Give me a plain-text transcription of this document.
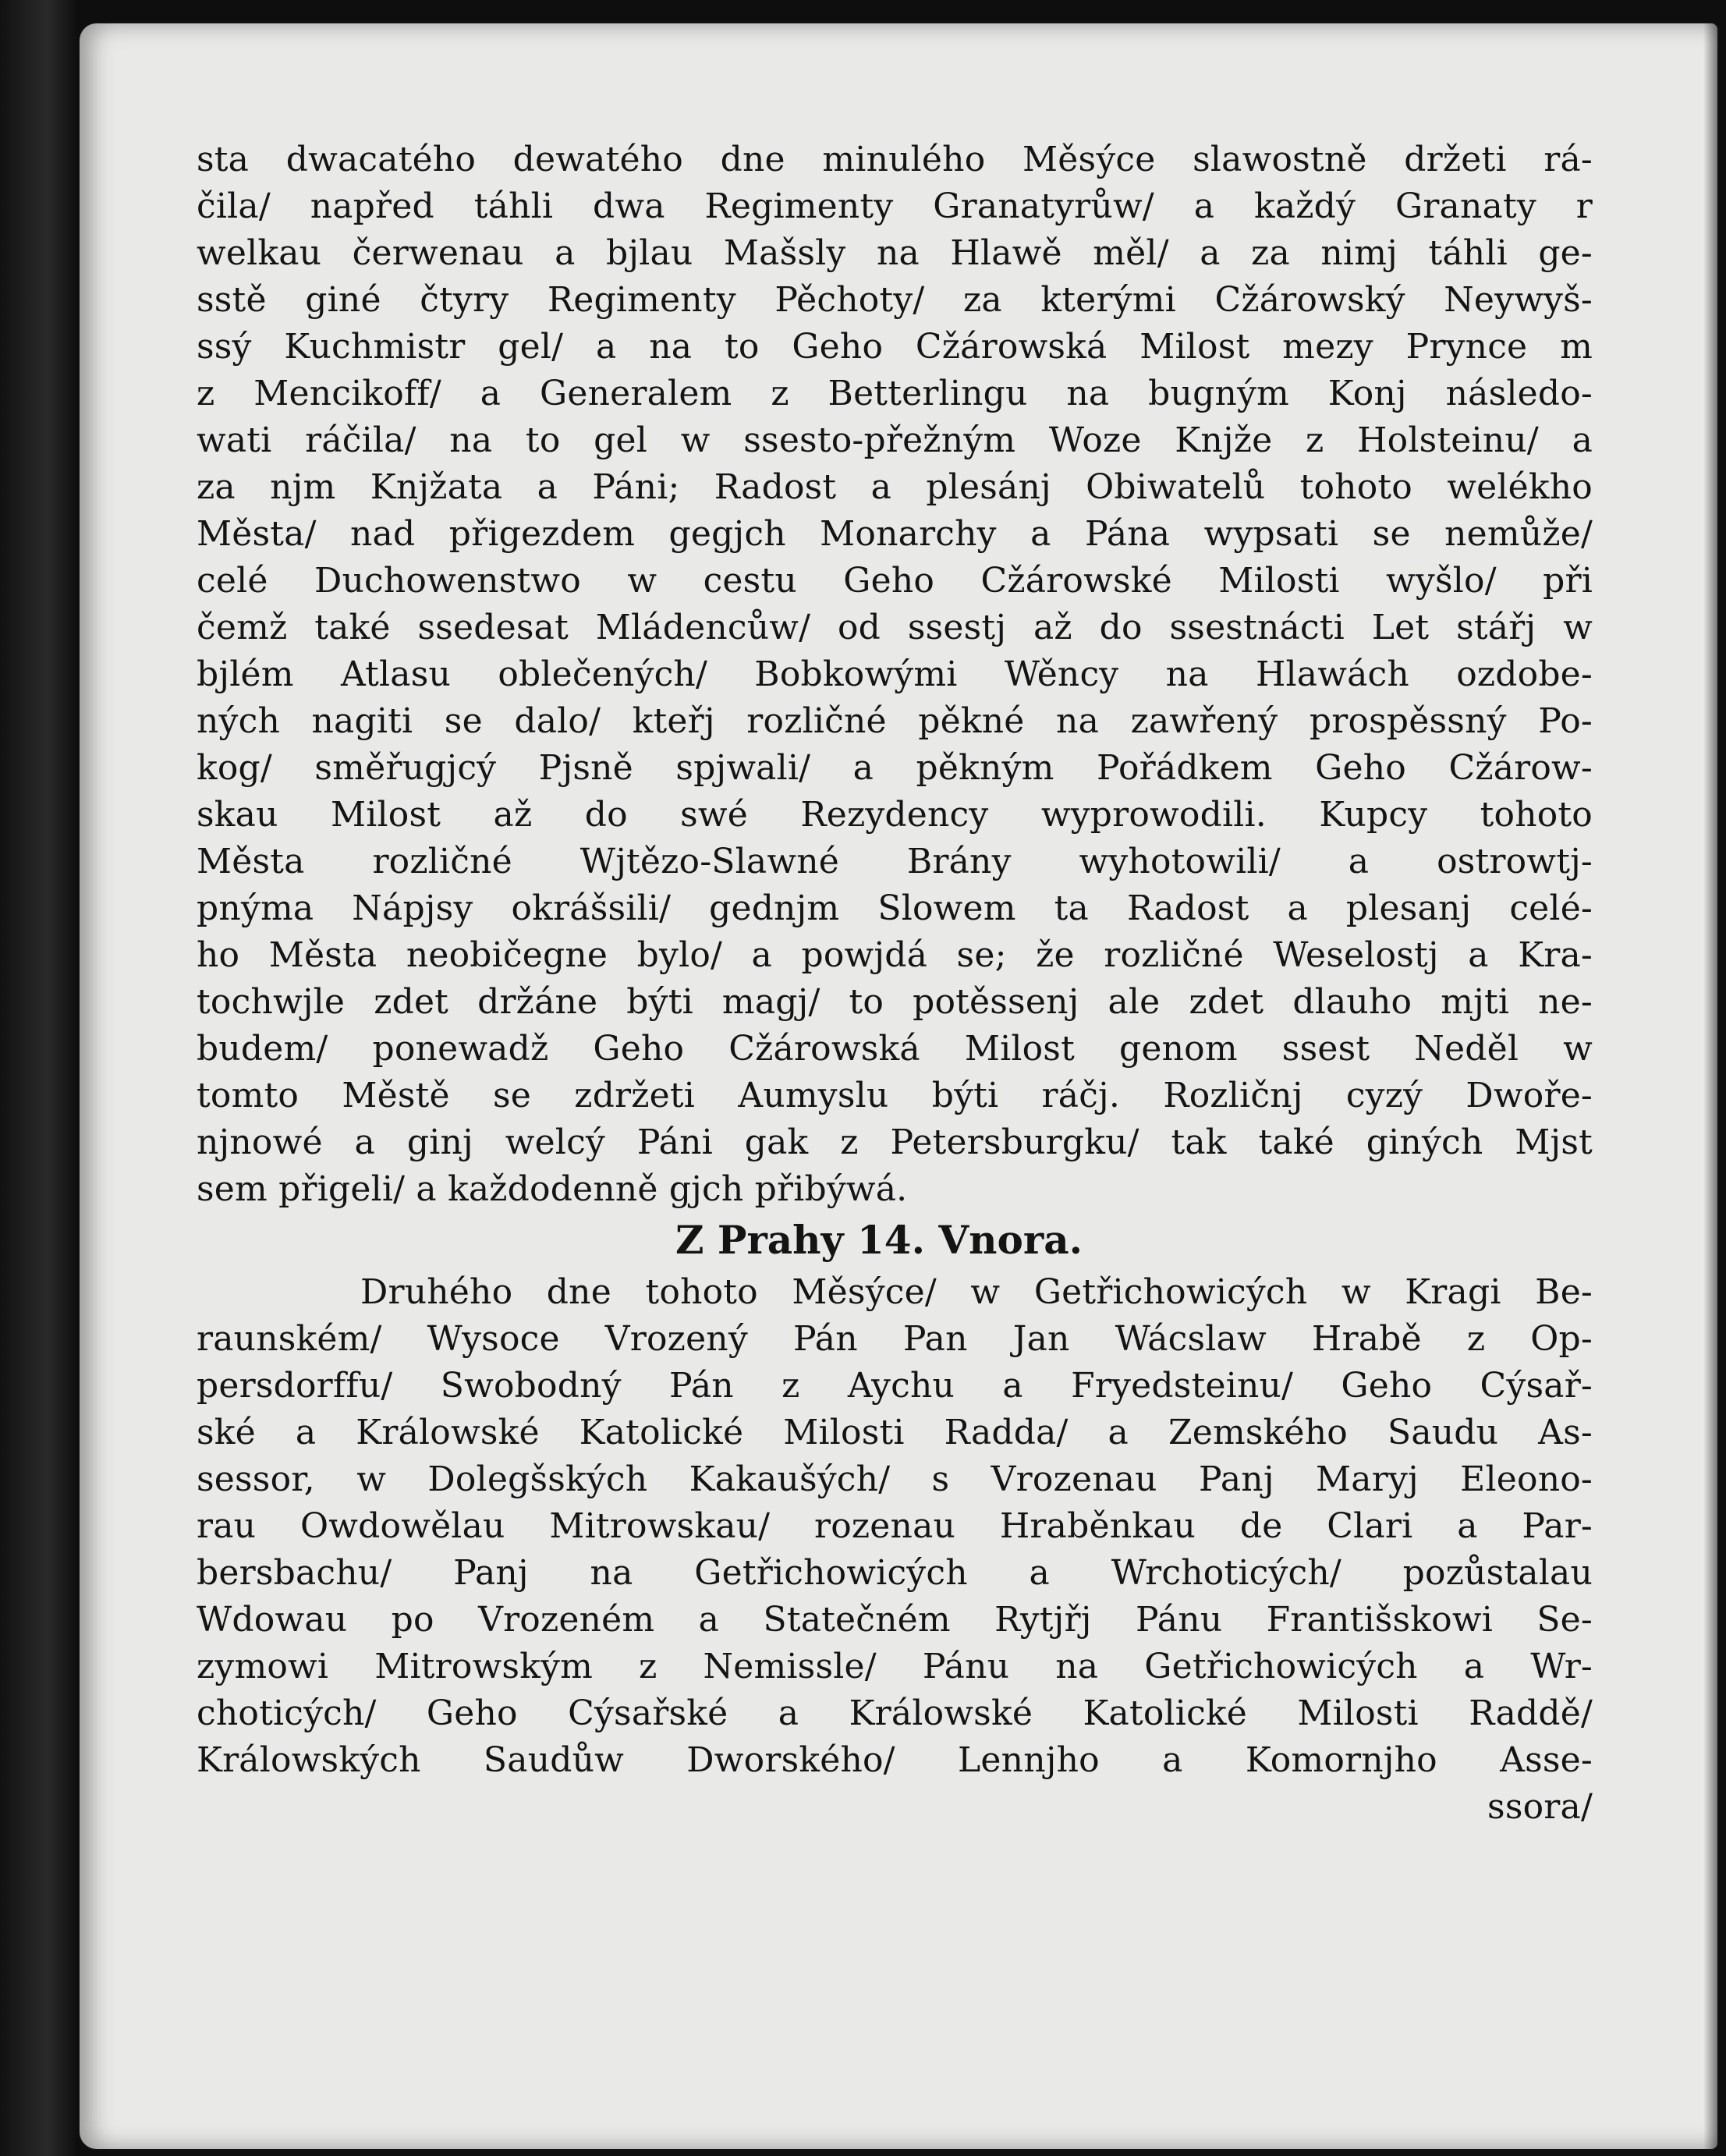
sta dwacatého dewatého dne minulého Měsýce slawostně držeti rá-
čila/ napřed táhli dwa Regimenty Granatyrůw/ a každý Granaty r
welkau čerwenau a bjlau Mašsly na Hlawě měl/ a za nimj táhli ge-
sstě giné čtyry Regimenty Pěchoty/ za kterými Cžárowský Neywyš-
ssý Kuchmistr gel/ a na to Geho Cžárowská Milost mezy Prynce m
z Mencikoff/ a Generalem z Betterlingu na bugným Konj následo-
wati ráčila/ na to gel w ssesto-přežným Woze Knjže z Holsteinu/ a
za njm Knjžata a Páni; Radost a plesánj Obiwatelů tohoto welékho
Města/ nad přigezdem gegjch Monarchy a Pána wypsati se nemůže/
celé Duchowenstwo w cestu Geho Cžárowské Milosti wyšlo/ při
čemž také ssedesat Mládencůw/ od ssestj až do ssestnácti Let stářj w
bjlém Atlasu oblečených/ Bobkowými Wěncy na Hlawách ozdobe-
ných nagiti se dalo/ kteřj rozličné pěkné na zawřený prospěssný Po-
kog/ směřugjcý Pjsně spjwali/ a pěkným Pořádkem Geho Cžárow-
skau Milost až do swé Rezydency wyprowodili. Kupcy tohoto
Města rozličné Wjtězo-Slawné Brány wyhotowili/ a ostrowtj-
pnýma Nápjsy okrášsili/ gednjm Slowem ta Radost a plesanj celé-
ho Města neobičegne bylo/ a powjdá se; že rozličné Weselostj a Kra-
tochwjle zdet držáne býti magj/ to potěssenj ale zdet dlauho mjti ne-
budem/ ponewadž Geho Cžárowská Milost genom ssest Neděl w
tomto Městě se zdržeti Aumyslu býti ráčj. Rozličnj cyzý Dwoře-
njnowé a ginj welcý Páni gak z Petersburgku/ tak také giných Mjst
sem přigeli/ a každodenně gjch přibýwá.
Z Prahy 14. Vnora.
Druhého dne tohoto Měsýce/ w Getřichowicých w Kragi Be-
raunském/ Wysoce Vrozený Pán Pan Jan Wácslaw Hrabě z Op-
persdorffu/ Swobodný Pán z Aychu a Fryedsteinu/ Geho Cýsař-
ské a Králowské Katolické Milosti Radda/ a Zemského Saudu As-
sessor, w Dolegšských Kakaušých/ s Vrozenau Panj Maryj Eleono-
rau Owdowělau Mitrowskau/ rozenau Hraběnkau de Clari a Par-
bersbachu/ Panj na Getřichowicých a Wrchoticých/ pozůstalau
Wdowau po Vrozeném a Statečném Rytjřj Pánu Františskowi Se-
zymowi Mitrowským z Nemissle/ Pánu na Getřichowicých a Wr-
choticých/ Geho Cýsařské a Králowské Katolické Milosti Raddě/
Králowských Saudůw Dworského/ Lennjho a Komornjho Asse-
ssora/
